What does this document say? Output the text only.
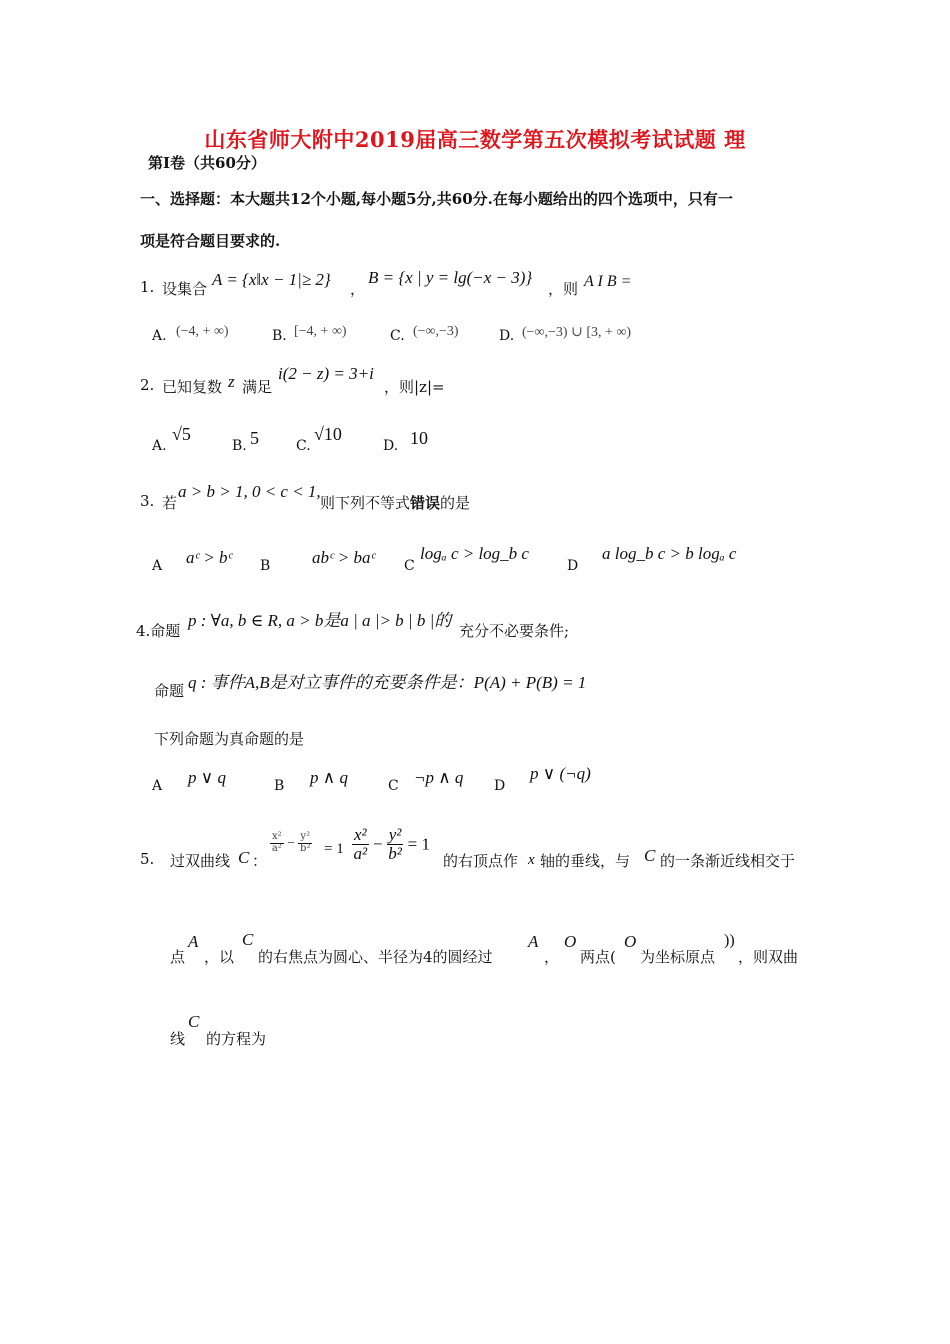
山东省师大附中2019届高三数学第五次模拟考试试题 理
第Ⅰ卷（共60分）
一、选择题：本大题共12个小题,每小题5分,共60分.在每小题给出的四个选项中，只有一
项是符合题目要求的.
1. 设集合 A = {x‖x − 1|≥ 2} ，
B = {x | y = lg(−x − 3)}
，则 A I B =
A. (−4, + ∞)	B. [−4, + ∞)	C. (−∞,−3)	D. (−∞,−3) ∪ [3, + ∞)
2. 已知复数 z 满足
i(2 − z) = 3+i
，则|z|=
A.
√5
B. 5	C.
√10
D. 10
3. 若
a > b > 1, 0 < c < 1,
则下列不等式 错误 的是
A aᶜ > bᶜ B abᶜ > baᶜ C
logₐ c > log_b c
D
a log_b c > b logₐ c
4.命题
p : ∀a, b ∈ R, a > b是a | a |> b | b |的
充分不必要条件;
命题 q : 事件A,B是对立事件的充要条件是：P(A) + P(B) = 1
下列命题为真命题的是
A p ∨ q	B p ∧ q	C ¬p ∧ q D
p ∨ (¬q)
5. 过双曲线 C ：
$\frac{\text{x²}}{\text{a²}} - \frac{\text{y²}}{\text{b²}} = 1 \frac{\text{x²}}{\text{a²}} - \frac{\text{y²}}{\text{b²}} = 1$
的右顶点作 x 轴的垂线，与 C 的一条渐近线相交于
点
A
，以
C
的右焦点为圆心、半径为4的圆经过
A
，
O
两点(
O
为坐标原点
))
，则双曲
线
C
的方程为
